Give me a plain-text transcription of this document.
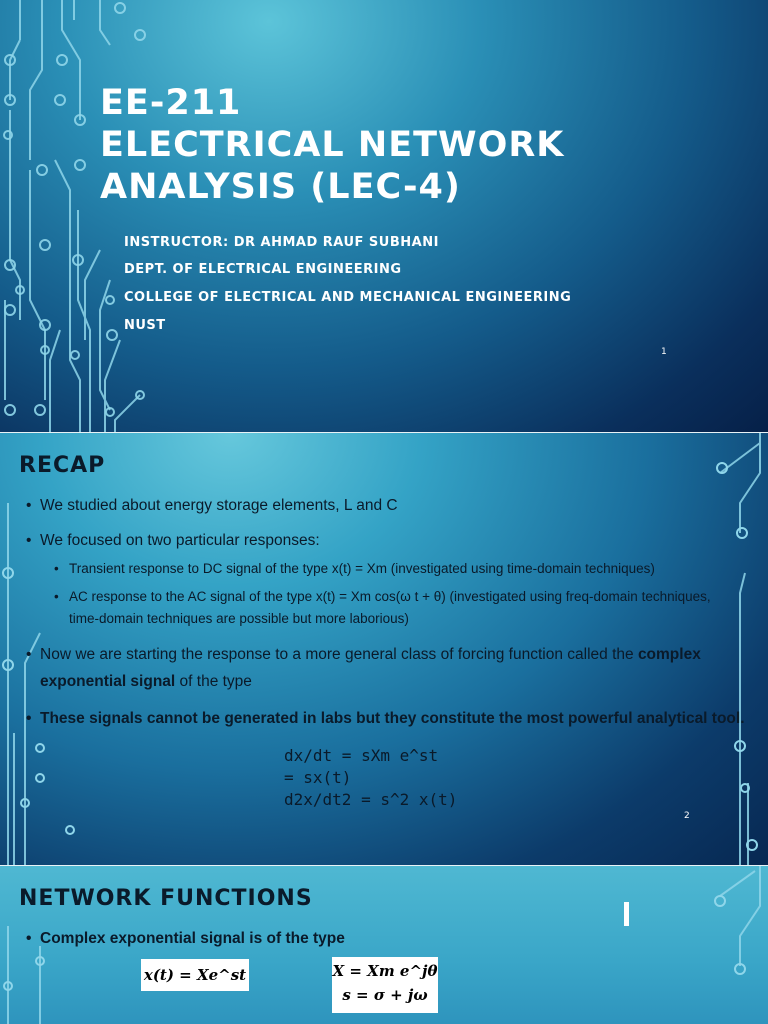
EE-211
ELECTRICAL NETWORK
ANALYSIS (LEC-4)

INSTRUCTOR: DR AHMAD RAUF SUBHANI

DEPT. OF ELECTRICAL ENGINEERING

COLLEGE OF ELECTRICAL AND MECHANICAL ENGINEERING

NUST

1
RECAP

• We studied about energy storage elements, L and C

• We focused on two particular responses:

• Transient response to DC signal of the type x(t) = Xm (investigated using time-domain techniques)

• AC response to the AC signal of the type x(t) = Xm cos(ω t + θ) (investigated using freq-domain techniques, time-domain techniques are possible but more laborious)

• Now we are starting the response to a more general class of forcing function called the complex exponential signal of the type

• These signals cannot be generated in labs but they constitute the most powerful analytical tool.

dx/dt = sXm e^st
= sx(t)
d2x/dt2 = s^2 x(t)
2
NETWORK FUNCTIONS

• Complex exponential signal is of the type

x(t) = Xe^st	X = Xm e^jθ
s = σ + jω
